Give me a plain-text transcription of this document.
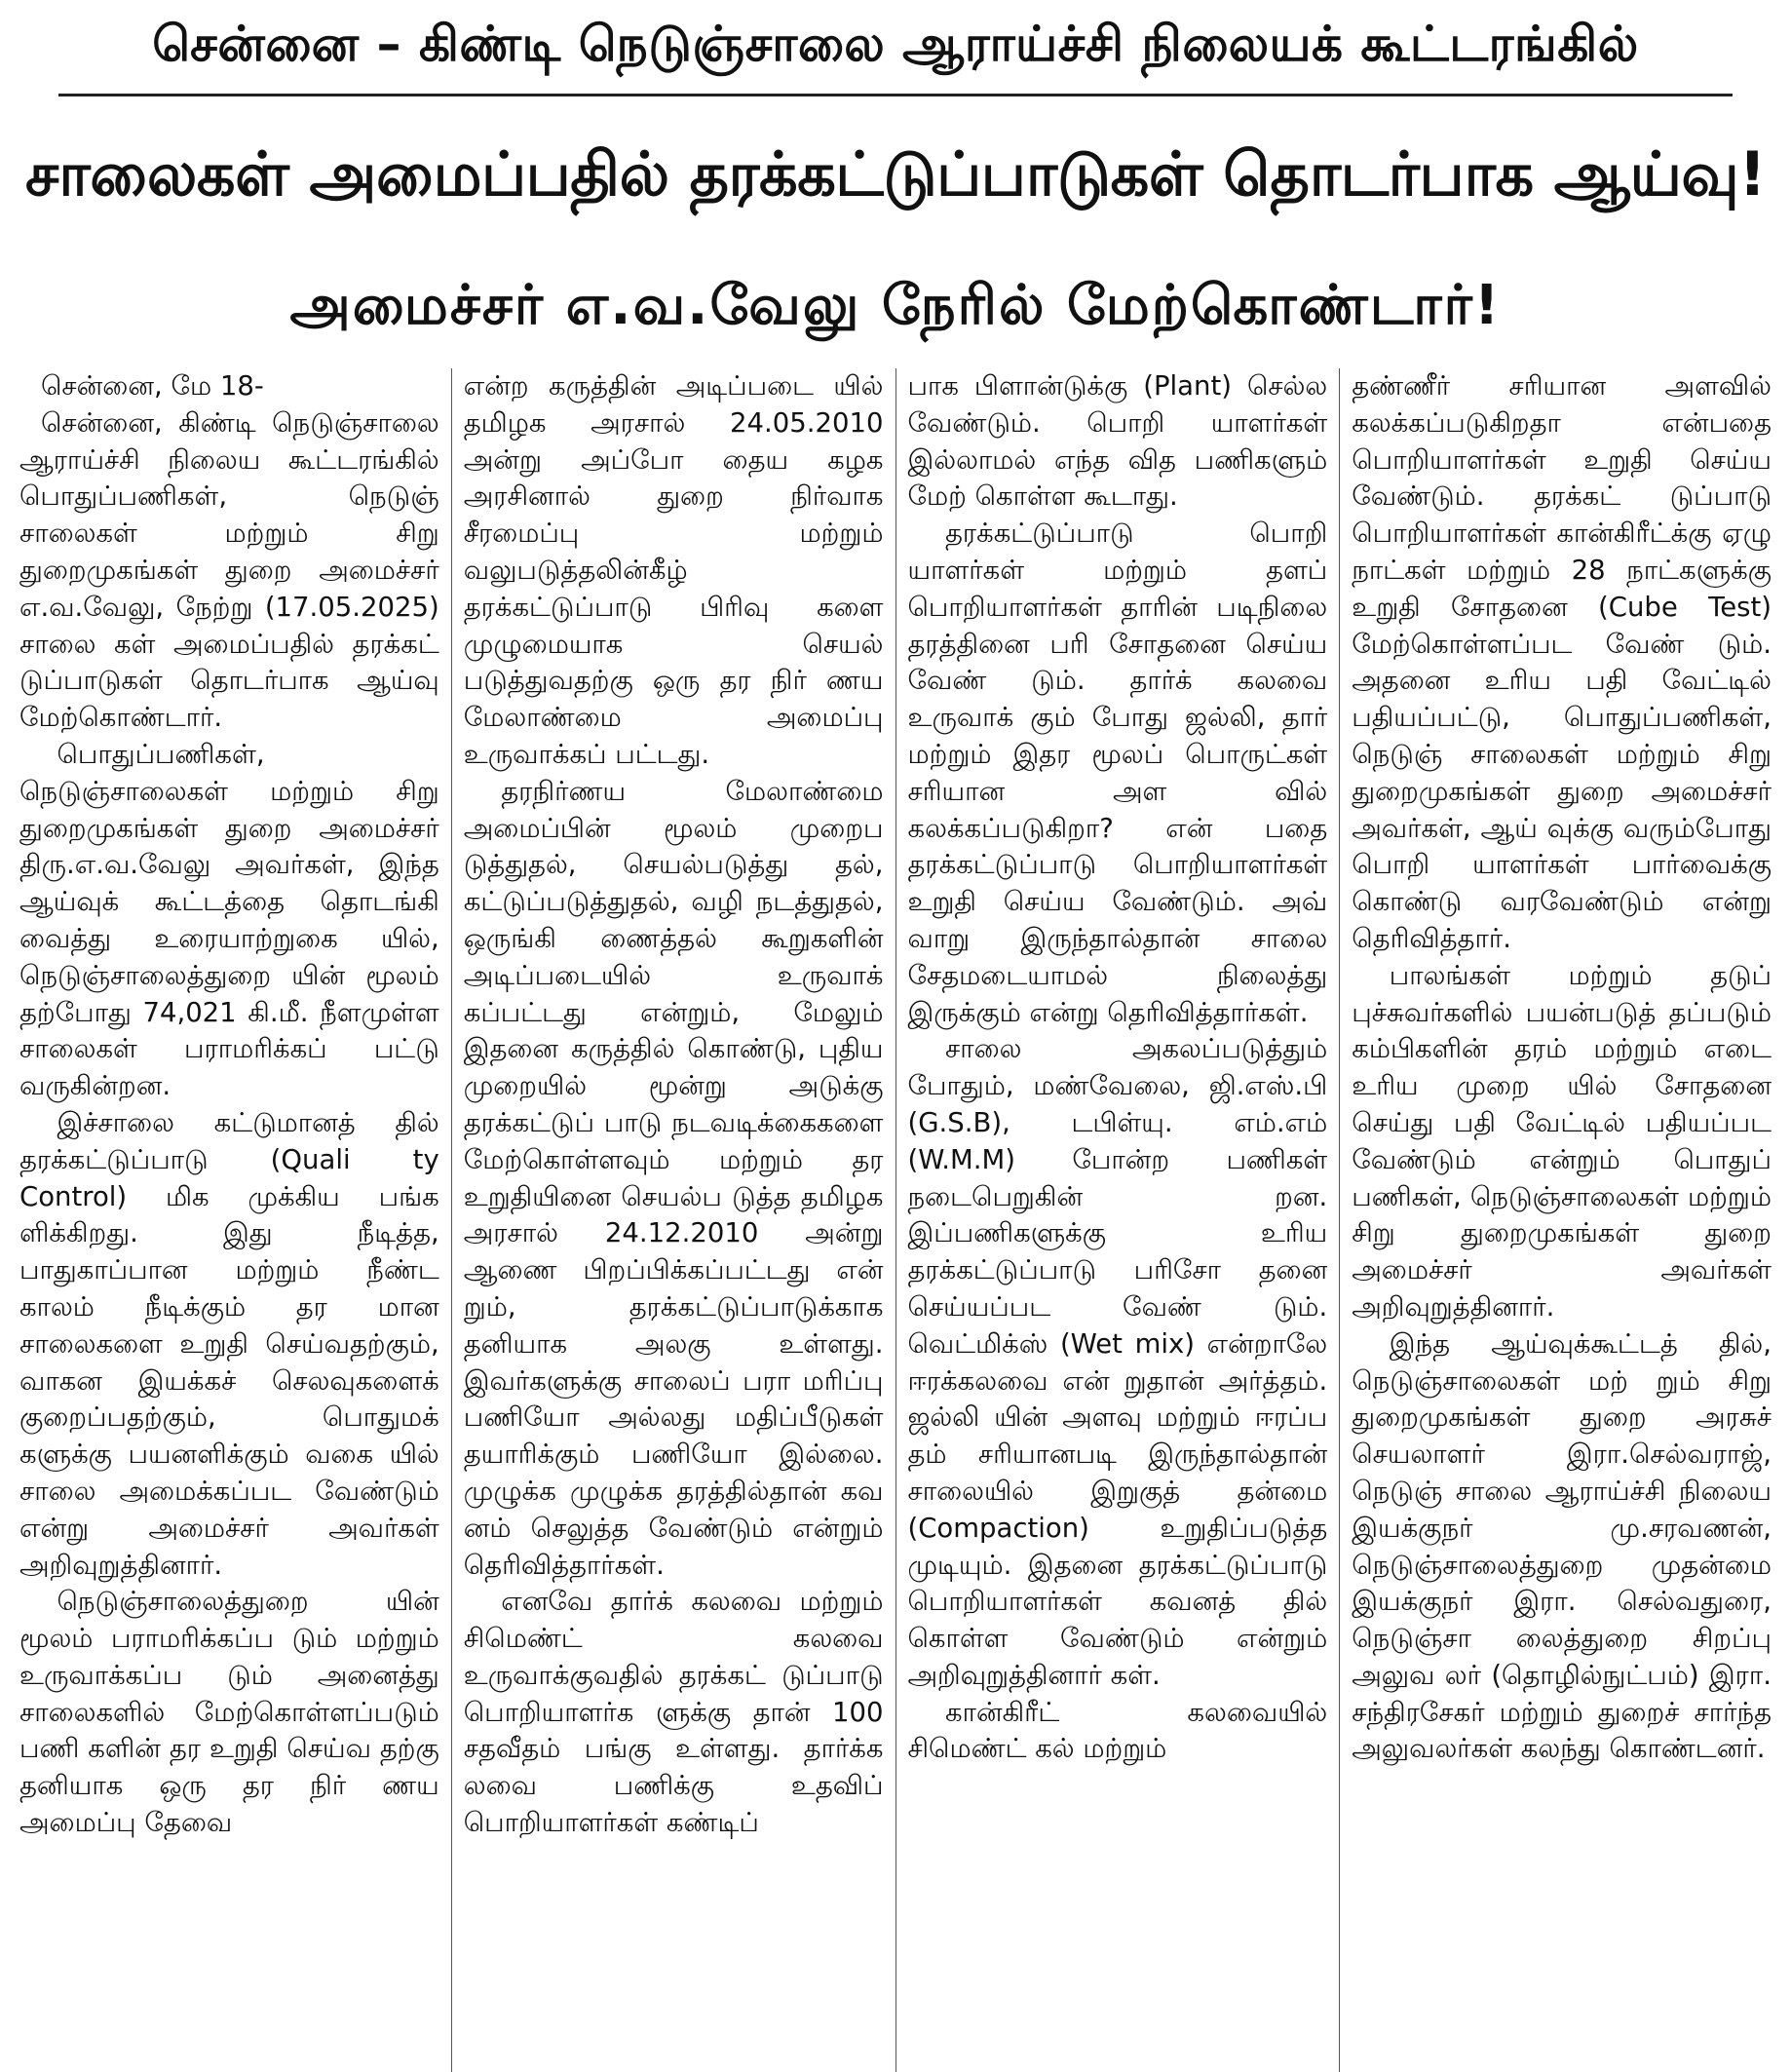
சென்னை – கிண்டி நெடுஞ்சாலை ஆராய்ச்சி நிலையக் கூட்டரங்கில்
சாலைகள் அமைப்பதில் தரக்கட்டுப்பாடுகள் தொடர்பாக ஆய்வு!
அமைச்சர் எ.வ.வேலு நேரில் மேற்கொண்டார்!
சென்னை, மே 18-

சென்னை, கிண்டி நெடுஞ்சாலை ஆராய்ச்சி நிலைய கூட்டரங்கில் பொதுப்பணிகள், நெடுஞ் சாலைகள் மற்றும் சிறு துறைமுகங்கள் துறை அமைச்சர் எ.வ.வேலு, நேற்று (17.05.2025) சாலை கள் அமைப்பதில் தரக்கட் டுப்பாடுகள் தொடர்பாக ஆய்வு மேற்கொண்டார்.

பொதுப்பணிகள், நெடுஞ்சாலைகள் மற்றும் சிறு துறைமுகங்கள் துறை அமைச்சர் திரு.எ.வ.வேலு அவர்கள், இந்த ஆய்வுக் கூட்டத்தை தொடங்கி வைத்து உரையாற்றுகை யில், நெடுஞ்சாலைத்துறை யின் மூலம் தற்போது 74,021 கி.மீ. நீளமுள்ள சாலைகள் பராமரிக்கப் பட்டு வருகின்றன.

இச்சாலை கட்டுமானத் தில் தரக்கட்டுப்பாடு (Quali ty Control) மிக முக்கிய பங்க ளிக்கிறது. இது நீடித்த, பாதுகாப்பான மற்றும் நீண்ட காலம் நீடிக்கும் தர மான சாலைகளை உறுதி செய்வதற்கும், வாகன இயக்கச் செலவுகளைக் குறைப்பதற்கும், பொதுமக் களுக்கு பயனளிக்கும் வகை யில் சாலை அமைக்கப்பட வேண்டும் என்று அமைச்சர் அவர்கள் அறிவுறுத்தினார்.

நெடுஞ்சாலைத்துறை யின் மூலம் பராமரிக்கப்ப டும் மற்றும் உருவாக்கப்ப டும் அனைத்து சாலைகளில் மேற்கொள்ளப்படும் பணி களின் தர உறுதி செய்வ தற்கு தனியாக ஒரு தர நிர் ணய அமைப்பு தேவை

என்ற கருத்தின் அடிப்படை யில் தமிழக அரசால் 24.05.2010 அன்று அப்போ தைய கழக அரசினால் துறை நிர்வாக சீரமைப்பு மற்றும் வலுபடுத்தலின்கீழ் தரக்கட்டுப்பாடு பிரிவு களை முழுமையாக செயல் படுத்துவதற்கு ஒரு தர நிர் ணய மேலாண்மை அமைப்பு உருவாக்கப் பட்டது.

தரநிர்ணய மேலாண்மை அமைப்பின் மூலம் முறைப டுத்துதல், செயல்படுத்து தல், கட்டுப்படுத்துதல், வழி நடத்துதல், ஒருங்கி ணைத்தல் கூறுகளின் அடிப்படையில் உருவாக் கப்பட்டது என்றும், மேலும் இதனை கருத்தில் கொண்டு, புதிய முறையில் மூன்று அடுக்கு தரக்கட்டுப் பாடு நடவடிக்கைகளை மேற்கொள்ளவும் மற்றும் தர உறுதியினை செயல்ப டுத்த தமிழக அரசால் 24.12.2010 அன்று ஆணை பிறப்பிக்கப்பட்டது என் றும், தரக்கட்டுப்பாடுக்காக தனியாக அலகு உள்ளது. இவர்களுக்கு சாலைப் பரா மரிப்பு பணியோ அல்லது மதிப்பீடுகள் தயாரிக்கும் பணியோ இல்லை. முழுக்க முழுக்க தரத்தில்தான் கவ னம் செலுத்த வேண்டும் என்றும் தெரிவித்தார்கள்.

எனவே தார்க் கலவை மற்றும் சிமெண்ட் கலவை உருவாக்குவதில் தரக்கட் டுப்பாடு பொறியாளர்க ளுக்கு தான் 100 சதவீதம் பங்கு உள்ளது. தார்க்க லவை பணிக்கு உதவிப் பொறியாளர்கள் கண்டிப்

பாக பிளான்டுக்கு (Plant) செல்ல வேண்டும். பொறி யாளர்கள் இல்லாமல் எந்த வித பணிகளும் மேற் கொள்ள கூடாது.

தரக்கட்டுப்பாடு பொறி யாளர்கள் மற்றும் தளப் பொறியாளர்கள் தாரின் படிநிலை தரத்தினை பரி சோதனை செய்ய வேண் டும். தார்க் கலவை உருவாக் கும் போது ஜல்லி, தார் மற்றும் இதர மூலப் பொருட்கள் சரியான அள வில் கலக்கப்படுகிறா? என் பதை தரக்கட்டுப்பாடு பொறியாளர்கள் உறுதி செய்ய வேண்டும். அவ் வாறு இருந்தால்தான் சாலை சேதமடையாமல் நிலைத்து இருக்கும் என்று தெரிவித்தார்கள்.

சாலை அகலப்படுத்தும் போதும், மண்வேலை, ஜி.எஸ்.பி (G.S.B), டபிள்யு. எம்.எம் (W.M.M) போன்ற பணிகள் நடைபெறுகின் றன. இப்பணிகளுக்கு உரிய தரக்கட்டுப்பாடு பரிசோ தனை செய்யப்பட வேண் டும். வெட்மிக்ஸ் (Wet mix) என்றாலே ஈரக்கலவை என் றுதான் அர்த்தம். ஜல்லி யின் அளவு மற்றும் ஈரப்ப தம் சரியானபடி இருந்தால்தான் சாலையில் இறுகுத் தன்மை (Compaction) உறுதிப்படுத்த முடியும். இதனை தரக்கட்டுப்பாடு பொறியாளர்கள் கவனத் தில் கொள்ள வேண்டும் என்றும் அறிவுறுத்தினார் கள்.

கான்கிரீட் கலவையில் சிமெண்ட் கல் மற்றும்

தண்ணீர் சரியான அளவில் கலக்கப்படுகிறதா என்பதை பொறியாளர்கள் உறுதி செய்ய வேண்டும். தரக்கட் டுப்பாடு பொறியாளர்கள் கான்கிரீட்க்கு ஏழு நாட்கள் மற்றும் 28 நாட்களுக்கு உறுதி சோதனை (Cube Test) மேற்கொள்ளப்பட வேண் டும். அதனை உரிய பதி வேட்டில் பதியப்பட்டு, பொதுப்பணிகள், நெடுஞ் சாலைகள் மற்றும் சிறு துறைமுகங்கள் துறை அமைச்சர் அவர்கள், ஆய் வுக்கு வரும்போது பொறி யாளர்கள் பார்வைக்கு கொண்டு வரவேண்டும் என்று தெரிவித்தார்.

பாலங்கள் மற்றும் தடுப் புச்சுவர்களில் பயன்படுத் தப்படும் கம்பிகளின் தரம் மற்றும் எடை உரிய முறை யில் சோதனை செய்து பதி வேட்டில் பதியப்பட வேண்டும் என்றும் பொதுப் பணிகள், நெடுஞ்சாலைகள் மற்றும் சிறு துறைமுகங்கள் துறை அமைச்சர் அவர்கள் அறிவுறுத்தினார்.

இந்த ஆய்வுக்கூட்டத் தில், நெடுஞ்சாலைகள் மற் றும் சிறு துறைமுகங்கள் துறை அரசுச் செயலாளர் இரா.செல்வராஜ், நெடுஞ் சாலை ஆராய்ச்சி நிலைய இயக்குநர் மு.சரவணன், நெடுஞ்சாலைத்துறை முதன்மை இயக்குநர் இரா. செல்வதுரை, நெடுஞ்சா லைத்துறை சிறப்பு அலுவ லர் (தொழில்நுட்பம்) இரா. சந்திரசேகர் மற்றும் துறைச் சார்ந்த அலுவலர்கள் கலந்து கொண்டனர்.
